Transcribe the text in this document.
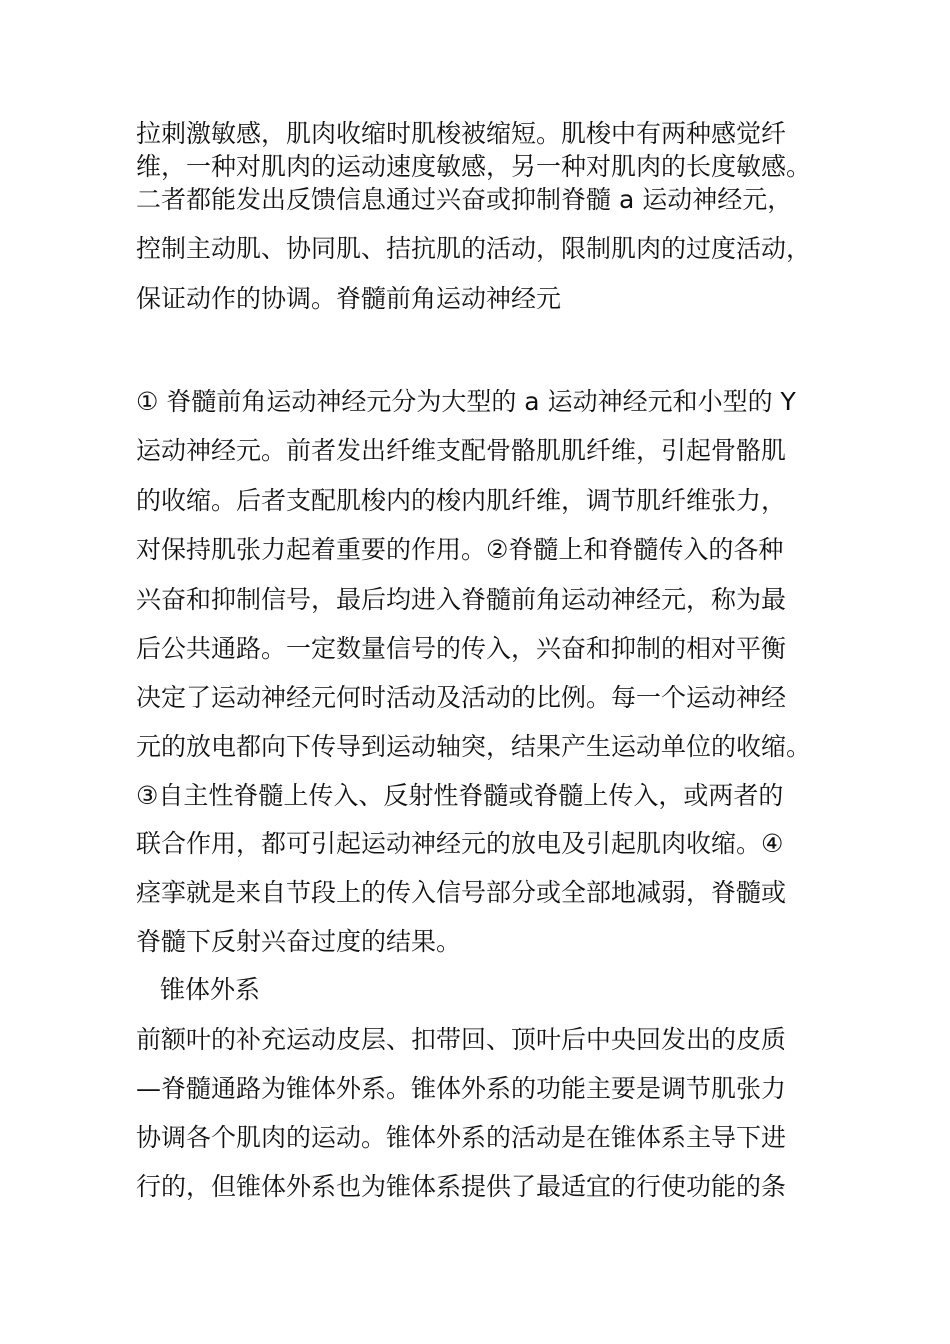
拉刺激敏感，肌肉收缩时肌梭被缩短。肌梭中有两种感觉纤
维，一种对肌肉的运动速度敏感，另一种对肌肉的长度敏感。
二者都能发出反馈信息通过兴奋或抑制脊髓 a 运动神经元，
控制主动肌、协同肌、拮抗肌的活动，限制肌肉的过度活动，
保证动作的协调。脊髓前角运动神经元
① 脊髓前角运动神经元分为大型的 a 运动神经元和小型的 Y
运动神经元。前者发出纤维支配骨骼肌肌纤维，引起骨骼肌
的收缩。后者支配肌梭内的梭内肌纤维，调节肌纤维张力，
对保持肌张力起着重要的作用。②脊髓上和脊髓传入的各种
兴奋和抑制信号，最后均进入脊髓前角运动神经元，称为最
后公共通路。一定数量信号的传入，兴奋和抑制的相对平衡
决定了运动神经元何时活动及活动的比例。每一个运动神经
元的放电都向下传导到运动轴突，结果产生运动单位的收缩。
③自主性脊髓上传入、反射性脊髓或脊髓上传入，或两者的
联合作用，都可引起运动神经元的放电及引起肌肉收缩。④
痉挛就是来自节段上的传入信号部分或全部地减弱，脊髓或
脊髓下反射兴奋过度的结果。
锥体外系
前额叶的补充运动皮层、扣带回、顶叶后中央回发出的皮质
—脊髓通路为锥体外系。锥体外系的功能主要是调节肌张力
协调各个肌肉的运动。锥体外系的活动是在锥体系主导下进
行的，但锥体外系也为锥体系提供了最适宜的行使功能的条
